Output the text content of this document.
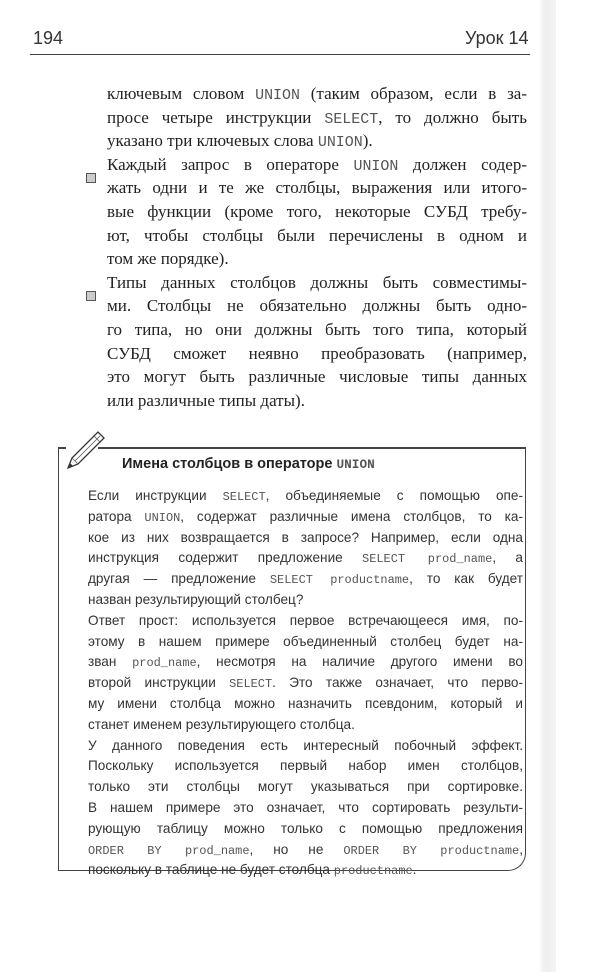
194	Урок 14
ключевым словом UNION (таким образом, если в за-
просе четыре инструкции SELECT, то должно быть
указано три ключевых слова UNION).
Каждый запрос в операторе UNION должен содер-
жать одни и те же столбцы, выражения или итого-
вые функции (кроме того, некоторые СУБД требу-
ют, чтобы столбцы были перечислены в одном и
том же порядке).
Типы данных столбцов должны быть совместимы-
ми. Столбцы не обязательно должны быть одно-
го типа, но они должны быть того типа, который
СУБД сможет неявно преобразовать (например,
это могут быть различные числовые типы данных
или различные типы даты).
Имена столбцов в операторе UNION
Если инструкции SELECT, объединяемые с помощью опе-
ратора UNION, содержат различные имена столбцов, то ка-
кое из них возвращается в запросе? Например, если одна
инструкция содержит предложение SELECT prod_name, а
другая — предложение SELECT productname, то как будет
назван результирующий столбец?
Ответ прост: используется первое встречающееся имя, по-
этому в нашем примере объединенный столбец будет на-
зван prod_name, несмотря на наличие другого имени во
второй инструкции SELECT. Это также означает, что перво-
му имени столбца можно назначить псевдоним, который и
станет именем результирующего столбца.
У данного поведения есть интересный побочный эффект.
Поскольку используется первый набор имен столбцов,
только эти столбцы могут указываться при сортировке.
В нашем примере это означает, что сортировать результи-
рующую таблицу можно только с помощью предложения
ORDER BY prod_name, но не ORDER BY productname,
поскольку в таблице не будет столбца productname.
